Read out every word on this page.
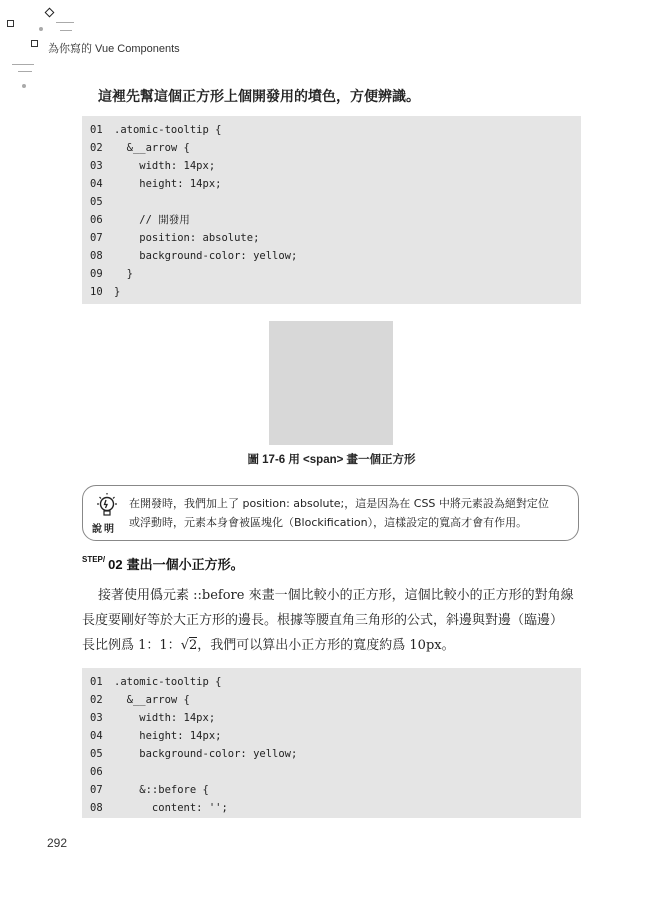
為你寫的 Vue Components
這裡先幫這個正方形上個開發用的墳色，方便辨識。
01 .atomic-tooltip {
02 &__arrow {
03 width: 14px;
04 height: 14px;
05
06 // 開發用
07 position: absolute;
08 background-color: yellow;
09 }
10 }
圖 17-6 用 <span> 畫一個正方形
說明
在開發時，我們加上了 position: absolute;，這是因為在 CSS 中將元素設為絕對定位
或浮動時，元素本身會被區塊化（Blockification），這樣設定的寬高才會有作用。
$^{STEP/}$ 02 畫出一個小正方形。
接著使用僞元素 ::before 來畫一個比較小的正方形，這個比較小的正方形的對角線
長度要剛好等於大正方形的邊長。根據等腰直角三角形的公式，斜邊與對邊（臨邊）
長比例爲 1：1：√2，我們可以算出小正方形的寬度約爲 10px。
01 .atomic-tooltip {
02 &__arrow {
03 width: 14px;
04 height: 14px;
05 background-color: yellow;
06
07 &::before {
08 content: '';
292
